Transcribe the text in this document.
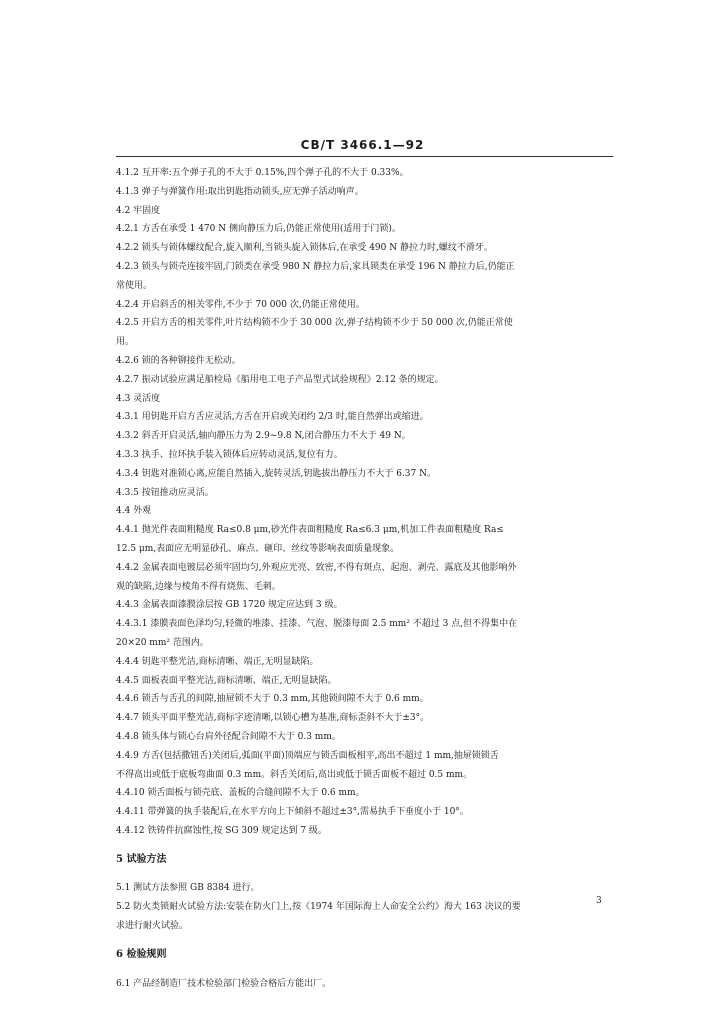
CB/T 3466.1—92
4.1.2 互开率:五个弹子孔的不大于 0.15%,四个弹子孔的不大于 0.33%。
4.1.3 弹子与弹簧作用:取出钥匙指动锁头,应无弹子活动响声。
4.2 牢固度
4.2.1 方舌在承受 1 470 N 侧向静压力后,仍能正常使用(适用于门锁)。
4.2.2 锁头与锁体螺纹配合,旋入顺利,当锁头旋入锁体后,在承受 490 N 静拉力时,螺纹不滑牙。
4.2.3 锁头与锁壳连接牢固,门锁类在承受 980 N 静拉力后,家具锁类在承受 196 N 静拉力后,仍能正
常使用。
4.2.4 开启斜舌的相关零件,不少于 70 000 次,仍能正常使用。
4.2.5 开启方舌的相关零件,叶片结构锁不少于 30 000 次,弹子结构锁不少于 50 000 次,仍能正常使
用。
4.2.6 锁的各种铆接件无松动。
4.2.7 振动试验应满足船检局《船用电工电子产品型式试验规程》2.12 条的规定。
4.3 灵活度
4.3.1 用钥匙开启方舌应灵活,方舌在开启或关闭约 2/3 时,能自然弹出或缩进。
4.3.2 斜舌开启灵活,轴向静压力为 2.9~9.8 N,闭合静压力不大于 49 N。
4.3.3 执手、拉环执手装入锁体后应转动灵活,复位有力。
4.3.4 钥匙对准锁心离,应能自然插入,旋转灵活,钥匙拔出静压力不大于 6.37 N。
4.3.5 按钮推动应灵活。
4.4 外观
4.4.1 抛光件表面粗糙度 Ra≤0.8 μm,砂光件表面粗糙度 Ra≤6.3 μm,机加工件表面粗糙度 Ra≤
12.5 μm,表面应无明显砂孔、麻点、砸印、丝纹等影响表面质量现象。
4.4.2 金属表面电镀层必须牢固均匀,外观应光亮、致密,不得有斑点、起泡、剥壳、露底及其他影响外
观的缺陷,边缘与棱角不得有烧焦、毛刺。
4.4.3 金属表面漆膜涂层按 GB 1720 规定应达到 3 级。
4.4.3.1 漆膜表面色泽均匀,轻微的堆漆、挂漆、气泡、脱漆每面 2.5 mm² 不超过 3 点,但不得集中在
20×20 mm² 范围内。
4.4.4 钥匙平整光洁,商标清晰、端正,无明显缺陷。
4.4.5 面板表面平整光洁,商标清晰、端正,无明显缺陷。
4.4.6 锁舌与舌孔的间隙,抽屉锁不大于 0.3 mm,其他锁间隙不大于 0.6 mm。
4.4.7 锁头平面平整光洁,商标字迹清晰,以锁心槽为基准,商标歪斜不大于±3°。
4.4.8 锁头体与锁心台肩外径配合间隙不大于 0.3 mm。
4.4.9 方舌(包括撒钮舌)关闭后,弧面(平面)顶端应与锁舌面板相平,高出不超过 1 mm,抽屉锁锁舌
不得高出或低于底板弯曲面 0.3 mm。斜舌关闭后,高出或低于锁舌面板不超过 0.5 mm。
4.4.10 锁舌面板与锁壳底、盖板的合缝间隙不大于 0.6 mm。
4.4.11 带弹簧的执手装配后,在水平方向上下倾斜不超过±3°,需易执手下垂度小于 10°。
4.4.12 铁铸件抗腐蚀性,按 SG 309 规定达到 7 级。
5 试验方法
5.1 测试方法参照 GB 8384 进行。
5.2 防火类锁耐火试验方法:安装在防火门上,按《1974 年国际海上人命安全公约》海大 163 决议的要
求进行耐火试验。
6 检验规则
6.1 产品经制造厂技术检验部门检验合格后方能出厂。
3
